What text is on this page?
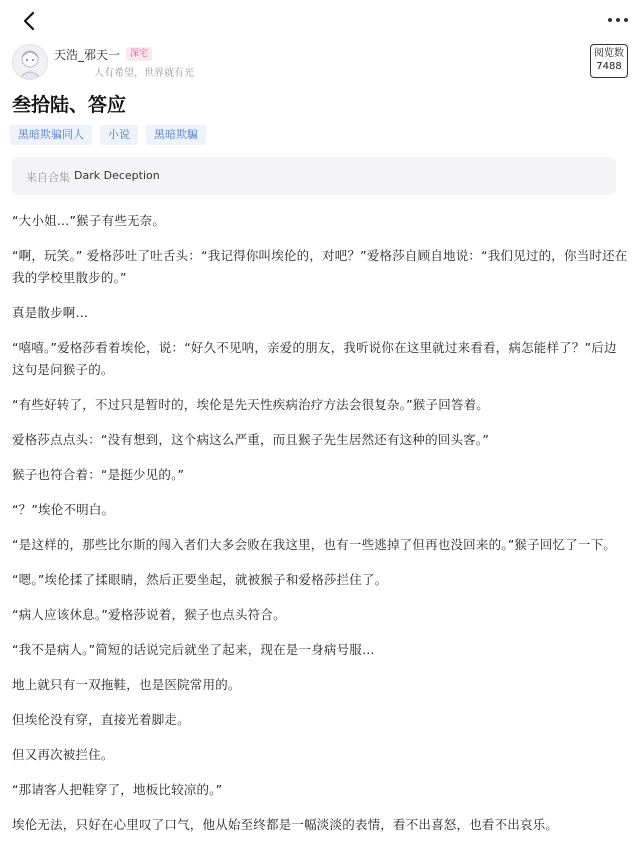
天浩_邪天一	深宅
人有希望，世界就有光
阅览数
7488
叁拾陆、答应
黑暗欺骗同人	小说	黑暗欺騙
来自合集 Dark Deception

“大小姐…”猴子有些无奈。

“啊，玩笑。” 爱格莎吐了吐舌头：“我记得你叫埃伦的，对吧？”爱格莎自顾自地说：“我们见过的，你当时还在我的学校里散步的。”

真是散步啊…

“嘻嘻。”爱格莎看着埃伦，说：“好久不见呐，亲爱的朋友，我听说你在这里就过来看看，病怎能样了？”后边这句是问猴子的。

“有些好转了，不过只是暂时的，埃伦是先天性疾病治疗方法会很复杂。”猴子回答着。

爱格莎点点头：“没有想到，这个病这么严重，而且猴子先生居然还有这种的回头客。”

猴子也符合着：“是挺少见的。”

“？”埃伦不明白。

“是这样的，那些比尔斯的闯入者们大多会败在我这里，也有一些逃掉了但再也没回来的。”猴子回忆了一下。

“嗯。”埃伦揉了揉眼睛，然后正要坐起，就被猴子和爱格莎拦住了。

“病人应该休息。”爱格莎说着，猴子也点头符合。

“我不是病人。”简短的话说完后就坐了起来，现在是一身病号服…

地上就只有一双拖鞋，也是医院常用的。

但埃伦没有穿，直接光着脚走。

但又再次被拦住。

“那请客人把鞋穿了，地板比较凉的。”

埃伦无法，只好在心里叹了口气，他从始至终都是一幅淡淡的表情，看不出喜怒，也看不出哀乐。
